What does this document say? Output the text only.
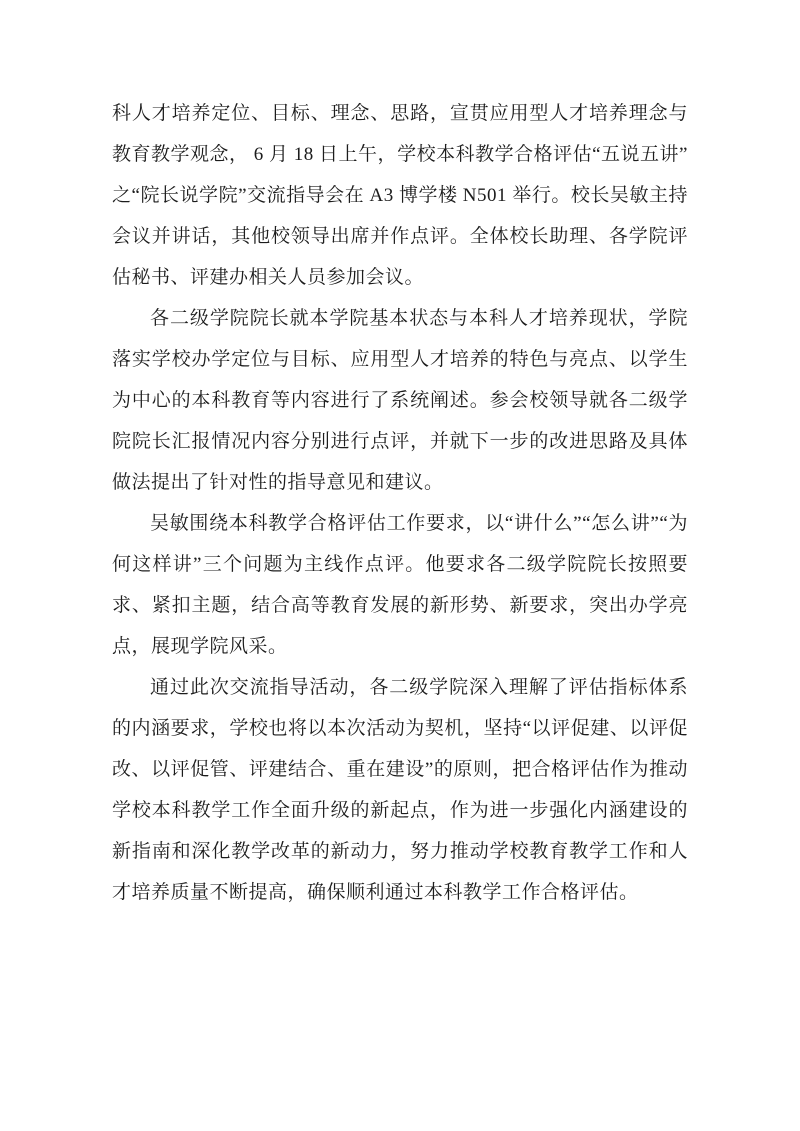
科人才培养定位、目标、理念、思路，宣贯应用型人才培养理念与教育教学观念， 6 月 18 日上午，学校本科教学合格评估“五说五讲”之“院长说学院”交流指导会在 A3 博学楼 N501 举行。校长吴敏主持会议并讲话，其他校领导出席并作点评。全体校长助理、各学院评估秘书、评建办相关人员参加会议。

各二级学院院长就本学院基本状态与本科人才培养现状，学院落实学校办学定位与目标、应用型人才培养的特色与亮点、以学生为中心的本科教育等内容进行了系统阐述。参会校领导就各二级学院院长汇报情况内容分别进行点评，并就下一步的改进思路及具体做法提出了针对性的指导意见和建议。

吴敏围绕本科教学合格评估工作要求，以“讲什么”“怎么讲”“为何这样讲”三个问题为主线作点评。他要求各二级学院院长按照要求、紧扣主题，结合高等教育发展的新形势、新要求，突出办学亮点，展现学院风采。

通过此次交流指导活动，各二级学院深入理解了评估指标体系的内涵要求，学校也将以本次活动为契机，坚持“以评促建、以评促改、以评促管、评建结合、重在建设”的原则，把合格评估作为推动学校本科教学工作全面升级的新起点，作为进一步强化内涵建设的新指南和深化教学改革的新动力，努力推动学校教育教学工作和人才培养质量不断提高，确保顺利通过本科教学工作合格评估。
